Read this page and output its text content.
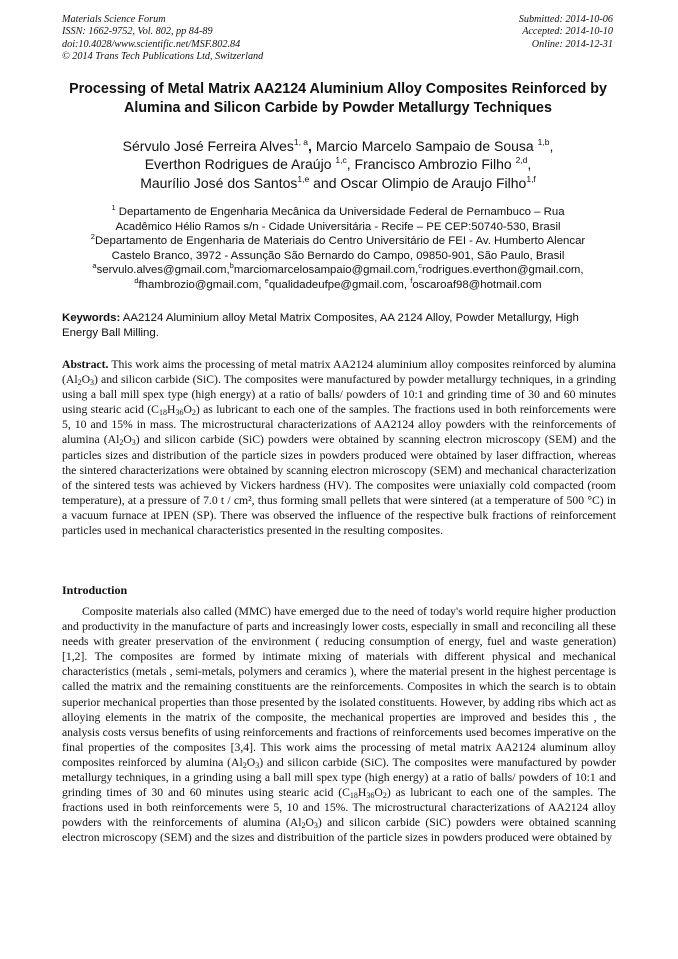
Materials Science Forum
ISSN: 1662-9752, Vol. 802, pp 84-89
doi:10.4028/www.scientific.net/MSF.802.84
© 2014 Trans Tech Publications Ltd, Switzerland
Submitted: 2014-10-06
Accepted: 2014-10-10
Online: 2014-12-31
Processing of Metal Matrix AA2124 Aluminium Alloy Composites Reinforced by Alumina and Silicon Carbide by Powder Metallurgy Techniques
Sérvulo José Ferreira Alves$^{1, a}$, Marcio Marcelo Sampaio de Sousa $^{1,b}$,
Everthon Rodrigues de Araújo $^{1,c}$, Francisco Ambrozio Filho $^{2,d}$,
Maurílio José dos Santos$^{1,e}$ and Oscar Olimpio de Araujo Filho$^{1,f}$
$^1$ Departamento de Engenharia Mecânica da Universidade Federal de Pernambuco – Rua
Acadêmico Hélio Ramos s/n - Cidade Universitária - Recife – PE CEP:50740-530, Brasil
$^2$Departamento de Engenharia de Materiais do Centro Universitário de FEI - Av. Humberto Alencar
Castelo Branco, 3972 - Assunção São Bernardo do Campo, 09850-901, São Paulo, Brasil
$^a$servulo.alves@gmail.com,$^b$marciomarcelosampaio@gmail.com,$^c$rodrigues.everthon@gmail.com,
$^d$fhambrozio@gmail.com, $^e$qualidadeufpe@gmail.com, $^f$oscaroaf98@hotmail.com
Keywords: AA2124 Aluminium alloy Metal Matrix Composites, AA 2124 Alloy, Powder Metallurgy, High Energy Ball Milling.
Abstract. This work aims the processing of metal matrix AA2124 aluminium alloy composites reinforced by alumina $(Al_2O_3)$ and silicon carbide (SiC). The composites were manufactured by powder metallurgy techniques, in a grinding using a ball mill spex type (high energy) at a ratio of balls/ powders of 10:1 and grinding time of 30 and 60 minutes using stearic acid $(C_{18}H_{36}O_2)$ as lubricant to each one of the samples. The fractions used in both reinforcements were 5, 10 and 15% in mass. The microstructural characterizations of AA2124 alloy powders with the reinforcements of alumina $(Al_2O_3)$ and silicon carbide (SiC) powders were obtained by scanning electron microscopy (SEM) and the particles sizes and distribution of the particle sizes in powders produced were obtained by laser diffraction, whereas the sintered characterizations were obtained by scanning electron microscopy (SEM) and mechanical characterization of the sintered tests was achieved by Vickers hardness (HV). The composites were uniaxially cold compacted (room temperature), at a pressure of 7.0 t / cm², thus forming small pellets that were sintered (at a temperature of 500 °C) in a vacuum furnace at IPEN (SP). There was observed the influence of the respective bulk fractions of reinforcement particles used in mechanical characteristics presented in the resulting composites.
Introduction
Composite materials also called (MMC) have emerged due to the need of today's world require higher production and productivity in the manufacture of parts and increasingly lower costs, especially in small and reconciling all these needs with greater preservation of the environment ( reducing consumption of energy, fuel and waste generation) [1,2]. The composites are formed by intimate mixing of materials with different physical and mechanical characteristics (metals , semi-metals, polymers and ceramics ), where the material present in the highest percentage is called the matrix and the remaining constituents are the reinforcements. Composites in which the search is to obtain superior mechanical properties than those presented by the isolated constituents. However, by adding ribs which act as alloying elements in the matrix of the composite, the mechanical properties are improved and besides this , the analysis costs versus benefits of using reinforcements and fractions of reinforcements used becomes imperative on the final properties of the composites [3,4]. This work aims the processing of metal matrix AA2124 aluminum alloy composites reinforced by alumina $(Al_2O_3)$ and silicon carbide (SiC). The composites were manufactured by powder metallurgy techniques, in a grinding using a ball mill spex type (high energy) at a ratio of balls/ powders of 10:1 and grinding times of 30 and 60 minutes using stearic acid $(C_{18}H_{36}O_2)$ as lubricant to each one of the samples. The fractions used in both reinforcements were 5, 10 and 15%. The microstructural characterizations of AA2124 alloy powders with the reinforcements of alumina $(Al_2O_3)$ and silicon carbide (SiC) powders were obtained scanning electron microscopy (SEM) and the sizes and distribuition of the particle sizes in powders produced were obtained by
